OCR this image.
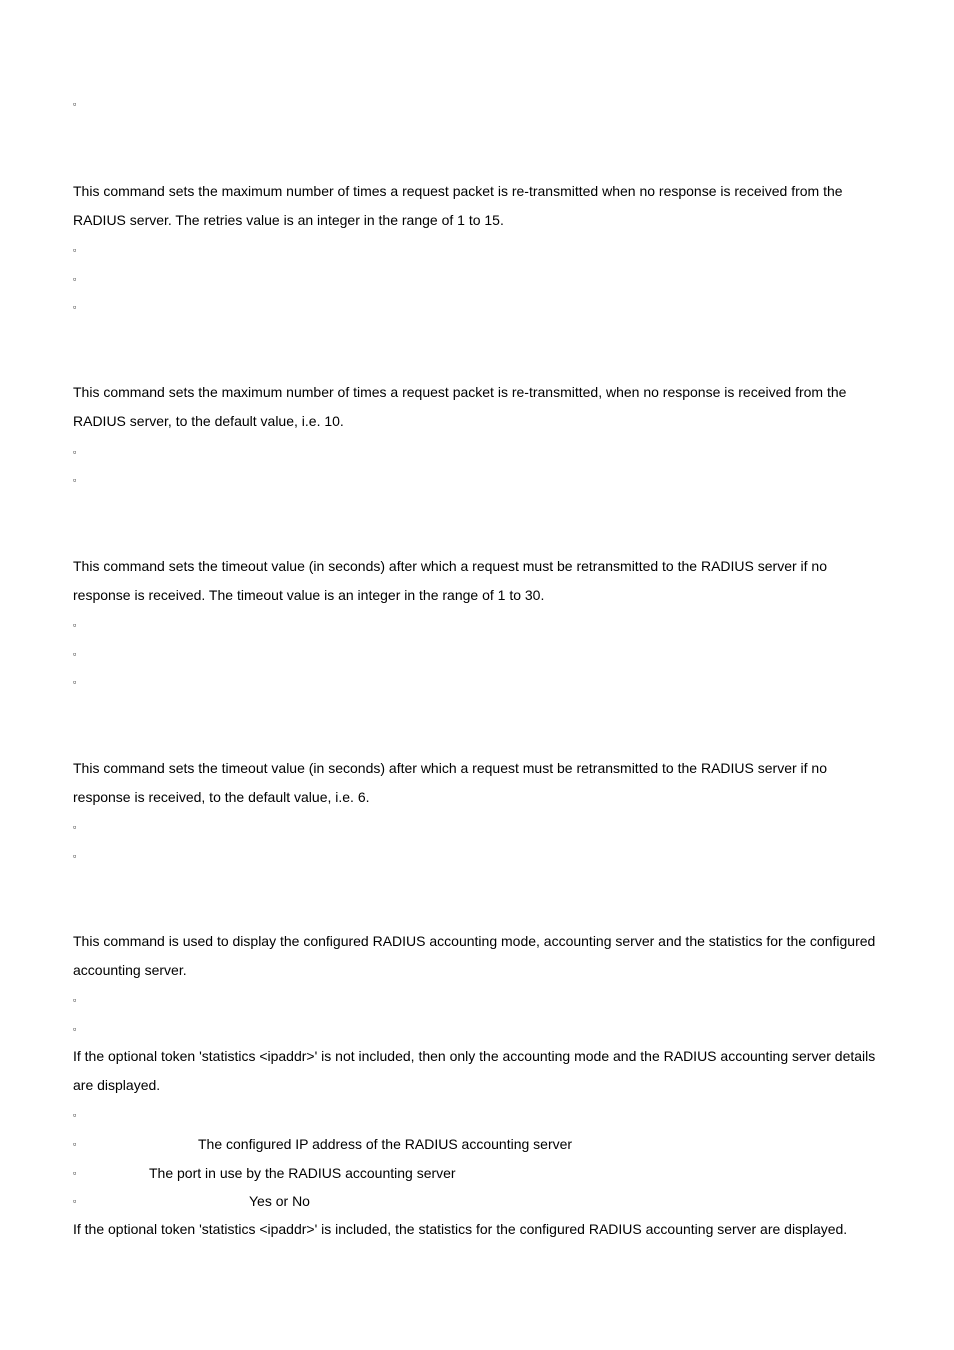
▫

This command sets the maximum number of times a request packet is re-transmitted when no response is received from the RADIUS server. The retries value is an integer in the range of 1 to 15.

▫
▫
▫

This command sets the maximum number of times a request packet is re-transmitted, when no response is received from the RADIUS server, to the default value, i.e. 10.

▫
▫

This command sets the timeout value (in seconds) after which a request must be retransmitted to the RADIUS server if no response is received. The timeout value is an integer in the range of 1 to 30.

▫
▫
▫

This command sets the timeout value (in seconds) after which a request must be retransmitted to the RADIUS server if no response is received, to the default value, i.e. 6.

▫
▫

This command is used to display the configured RADIUS accounting mode, accounting server and the statistics for the configured accounting server.

▫
▫

If the optional token 'statistics <ipaddr>' is not included, then only the accounting mode and the RADIUS accounting server details are displayed.

▫
▫	The configured IP address of the RADIUS accounting server
▫	The port in use by the RADIUS accounting server
▫	Yes or No

If the optional token 'statistics <ipaddr>' is included, the statistics for the configured RADIUS accounting server are displayed.
